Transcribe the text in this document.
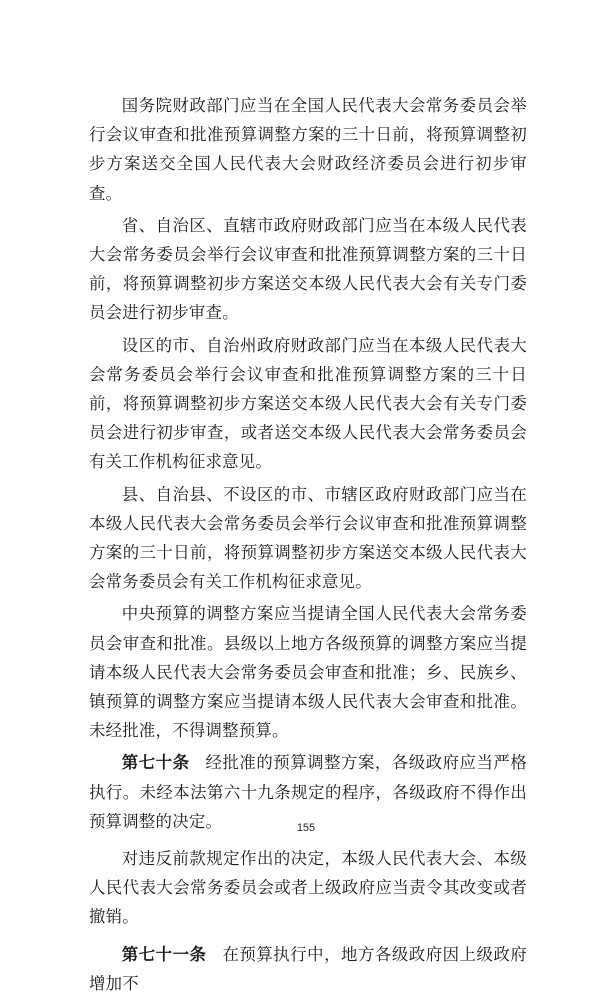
国务院财政部门应当在全国人民代表大会常务委员会举行会议审查和批准预算调整方案的三十日前，将预算调整初步方案送交全国人民代表大会财政经济委员会进行初步审查。

省、自治区、直辖市政府财政部门应当在本级人民代表大会常务委员会举行会议审查和批准预算调整方案的三十日前，将预算调整初步方案送交本级人民代表大会有关专门委员会进行初步审查。

设区的市、自治州政府财政部门应当在本级人民代表大会常务委员会举行会议审查和批准预算调整方案的三十日前，将预算调整初步方案送交本级人民代表大会有关专门委员会进行初步审查，或者送交本级人民代表大会常务委员会有关工作机构征求意见。

县、自治县、不设区的市、市辖区政府财政部门应当在本级人民代表大会常务委员会举行会议审查和批准预算调整方案的三十日前，将预算调整初步方案送交本级人民代表大会常务委员会有关工作机构征求意见。

中央预算的调整方案应当提请全国人民代表大会常务委员会审查和批准。县级以上地方各级预算的调整方案应当提请本级人民代表大会常务委员会审查和批准；乡、民族乡、镇预算的调整方案应当提请本级人民代表大会审查和批准。未经批准，不得调整预算。

第七十条 经批准的预算调整方案，各级政府应当严格执行。未经本法第六十九条规定的程序，各级政府不得作出预算调整的决定。

对违反前款规定作出的决定，本级人民代表大会、本级人民代表大会常务委员会或者上级政府应当责令其改变或者撤销。

第七十一条 在预算执行中，地方各级政府因上级政府增加不

155
